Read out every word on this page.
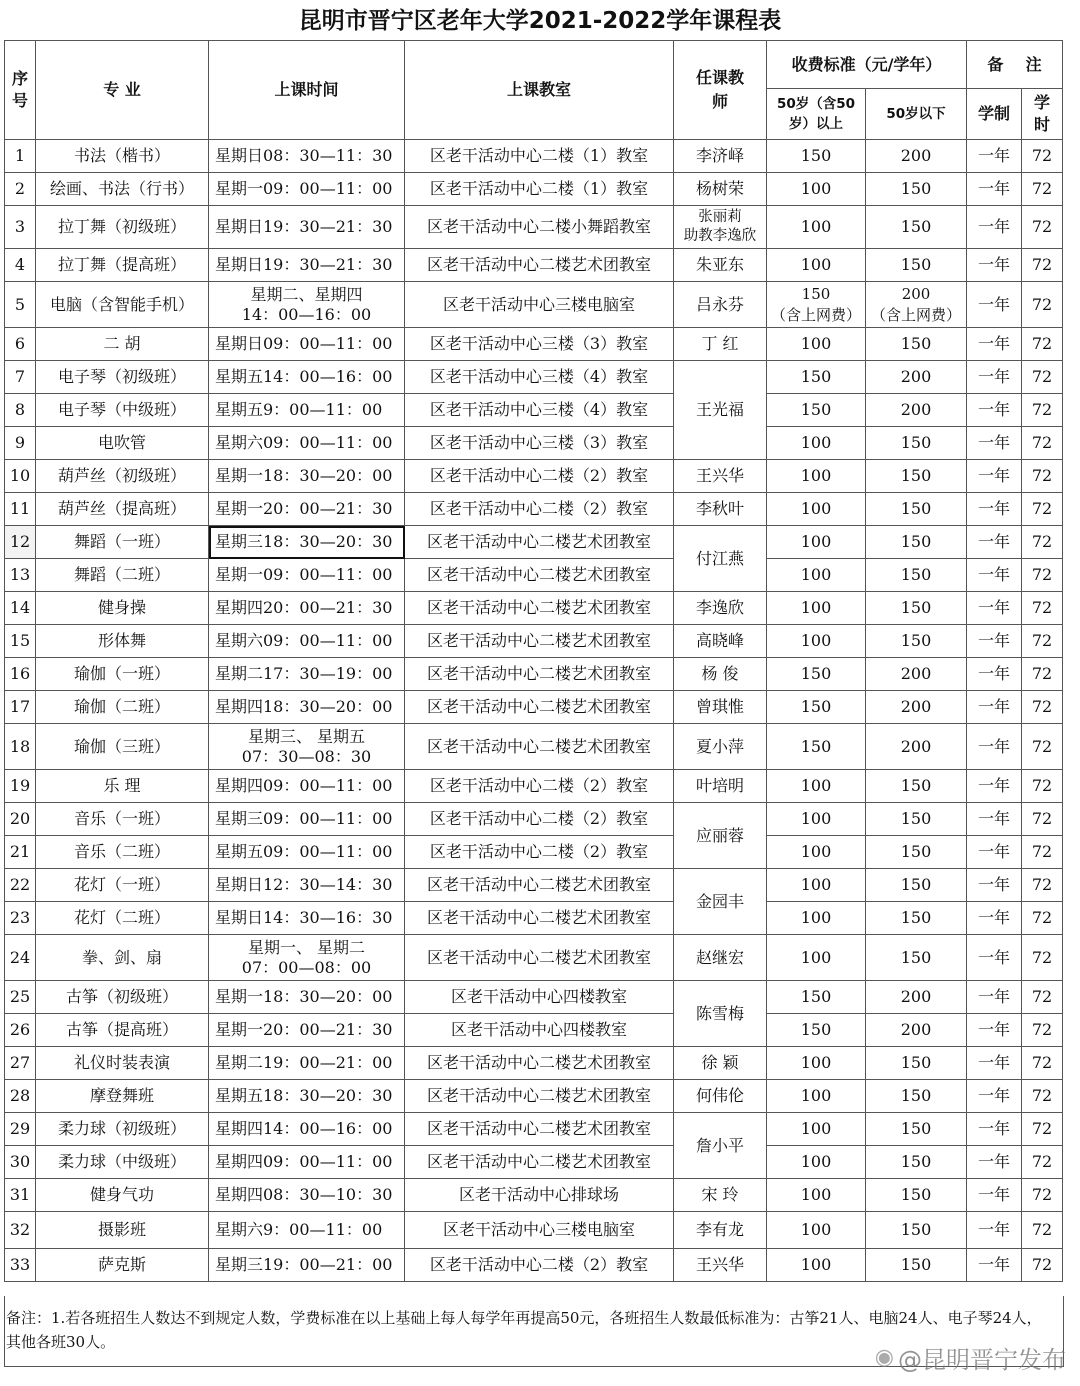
昆明市晋宁区老年大学2021-2022学年课程表
序号	专 业	上课时间	上课教室	任课教师	收费标准（元/学年）		备    注	
					50岁（含50岁）以上	50岁以下	学制	学时
1	书法（楷书）	星期日08：30—11：30	区老干活动中心二楼（1）教室	李济峄	150	200	一年	72
2	绘画、书法（行书）	星期一09：00—11：00	区老干活动中心二楼（1）教室	杨树荣	100	150	一年	72
3	拉丁舞（初级班）	星期日19：30—21：30	区老干活动中心二楼小舞蹈教室	张丽莉
助教李逸欣	100	150	一年	72
4	拉丁舞（提高班）	星期日19：30—21：30	区老干活动中心二楼艺术团教室	朱亚东	100	150	一年	72
5	电脑（含智能手机）	星期二、星期四
14：00—16：00	区老干活动中心三楼电脑室	吕永芬	150
（含上网费）	200
（含上网费）	一年	72
6	二 胡	星期日09：00—11：00	区老干活动中心三楼（3）教室	丁 红	100	150	一年	72
7	电子琴（初级班）	星期五14：00—16：00	区老干活动中心三楼（4）教室	王光福	150	200	一年	72
8	电子琴（中级班）	星期五9：00—11：00	区老干活动中心三楼（4）教室		150	200	一年	72
9	电吹管	星期六09：00—11：00	区老干活动中心三楼（3）教室		100	150	一年	72
10	葫芦丝（初级班）	星期一18：30—20：00	区老干活动中心二楼（2）教室	王兴华	100	150	一年	72
11	葫芦丝（提高班）	星期一20：00—21：30	区老干活动中心二楼（2）教室	李秋叶	100	150	一年	72
12	舞蹈（一班）	星期三18：30—20：30	区老干活动中心二楼艺术团教室	付江燕	100	150	一年	72
13	舞蹈（二班）	星期一09：00—11：00	区老干活动中心二楼艺术团教室		100	150	一年	72
14	健身操	星期四20：00—21：30	区老干活动中心二楼艺术团教室	李逸欣	100	150	一年	72
15	形体舞	星期六09：00—11：00	区老干活动中心二楼艺术团教室	高晓峰	100	150	一年	72
16	瑜伽（一班）	星期二17：30—19：00	区老干活动中心二楼艺术团教室	杨 俊	150	200	一年	72
17	瑜伽（二班）	星期四18：30—20：00	区老干活动中心二楼艺术团教室	曾琪惟	150	200	一年	72
18	瑜伽（三班）	星期三、 星期五
07：30—08：30	区老干活动中心二楼艺术团教室	夏小萍	150	200	一年	72
19	乐 理	星期四09：00—11：00	区老干活动中心二楼（2）教室	叶培明	100	150	一年	72
20	音乐（一班）	星期三09：00—11：00	区老干活动中心二楼（2）教室	应丽蓉	100	150	一年	72
21	音乐（二班）	星期五09：00—11：00	区老干活动中心二楼（2）教室		100	150	一年	72
22	花灯（一班）	星期日12：30—14：30	区老干活动中心二楼艺术团教室	金园丰	100	150	一年	72
23	花灯（二班）	星期日14：30—16：30	区老干活动中心二楼艺术团教室		100	150	一年	72
24	拳、剑、扇	星期一、 星期二
07：00—08：00	区老干活动中心二楼艺术团教室	赵继宏	100	150	一年	72
25	古筝（初级班）	星期一18：30—20：00	区老干活动中心四楼教室	陈雪梅	150	200	一年	72
26	古筝（提高班）	星期一20：00—21：30	区老干活动中心四楼教室		150	200	一年	72
27	礼仪时装表演	星期二19：00—21：00	区老干活动中心二楼艺术团教室	徐 颖	100	150	一年	72
28	摩登舞班	星期五18：30—20：30	区老干活动中心二楼艺术团教室	何伟伦	100	150	一年	72
29	柔力球（初级班）	星期四14：00—16：00	区老干活动中心二楼艺术团教室	詹小平	100	150	一年	72
30	柔力球（中级班）	星期四09：00—11：00	区老干活动中心二楼艺术团教室		100	150	一年	72
31	健身气功	星期四08：30—10：30	区老干活动中心排球场	宋 玲	100	150	一年	72
32	摄影班	星期六9：00—11：00	区老干活动中心三楼电脑室	李有龙	100	150	一年	72
33	萨克斯	星期三19：00—21：00	区老干活动中心二楼（2）教室	王兴华	100	150	一年	72
备注：1.若各班招生人数达不到规定人数，学费标准在以上基础上每人每学年再提高50元，各班招生人数最低标准为：古筝21人、电脑24人、电子琴24人，其他各班30人。
◉ @昆明晋宁发布
